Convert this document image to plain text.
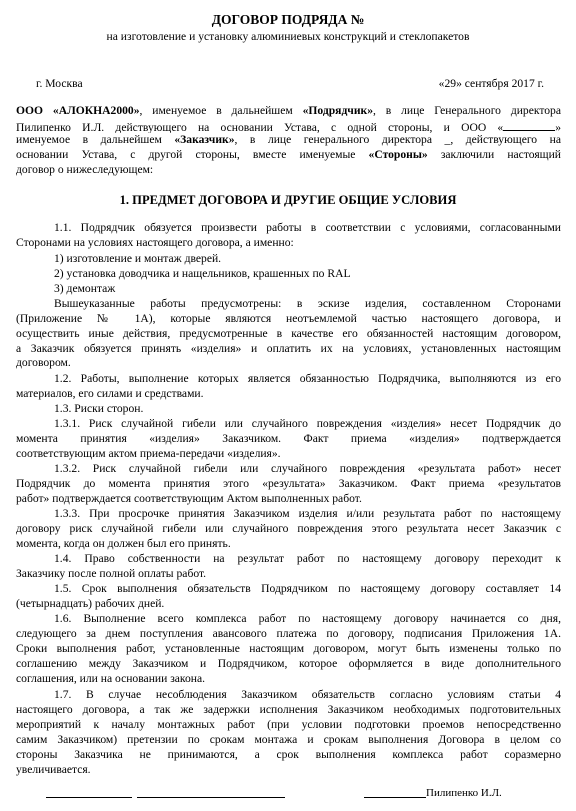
ДОГОВОР ПОДРЯДА №

на изготовление и установку алюминиевых конструкций и стеклопакетов

г. Москва	«29» сентября 2017 г.

ООО «АЛОКНА2000», именуемое в дальнейшем «Подрядчик», в лице Генерального директора

Пилипенко И.Л. действующего на основании Устава, с одной стороны, и ООО «	»

именуемое в дальнейшем «Заказчик», в лице генерального директора _, действующего на

основании Устава, с другой стороны, вместе именуемые «Стороны» заключили настоящий

договор о нижеследующем:

1. ПРЕДМЕТ ДОГОВОРА И ДРУГИЕ ОБЩИЕ УСЛОВИЯ

1.1. Подрядчик обязуется произвести работы в соответствии с условиями, согласованными

Сторонами на условиях настоящего договора, а именно:

1) изготовление и монтаж дверей.

2) установка доводчика и нащельников, крашенных по RAL

3) демонтаж

Вышеуказанные работы предусмотрены: в эскизе изделия, составленном Сторонами

(Приложение № 1А), которые являются неотъемлемой частью настоящего договора, и

осуществить иные действия, предусмотренные в качестве его обязанностей настоящим договором,

а Заказчик обязуется принять «изделия» и оплатить их на условиях, установленных настоящим

договором.

1.2. Работы, выполнение которых является обязанностью Подрядчика, выполняются из его

материалов, его силами и средствами.

1.3. Риски сторон.

1.3.1. Риск случайной гибели или случайного повреждения «изделия» несет Подрядчик до

момента принятия «изделия» Заказчиком. Факт приема «изделия» подтверждается

соответствующим актом приема-передачи «изделия».

1.3.2. Риск случайной гибели или случайного повреждения «результата работ» несет

Подрядчик до момента принятия этого «результата» Заказчиком. Факт приема «результатов

работ» подтверждается соответствующим Актом выполненных работ.

1.3.3. При просрочке принятия Заказчиком изделия и/или результата работ по настоящему

договору риск случайной гибели или случайного повреждения этого результата несет Заказчик с

момента, когда он должен был его принять.

1.4. Право собственности на результат работ по настоящему договору переходит к

Заказчику после полной оплаты работ.

1.5. Срок выполнения обязательств Подрядчиком по настоящему договору составляет 14

(четырнадцать) рабочих дней.

1.6. Выполнение всего комплекса работ по настоящему договору начинается со дня,

следующего за днем поступления авансового платежа по договору, подписания Приложения 1А.

Сроки выполнения работ, установленные настоящим договором, могут быть изменены только по

соглашению между Заказчиком и Подрядчиком, которое оформляется в виде дополнительного

соглашения, или на основании закона.

1.7. В случае несоблюдения Заказчиком обязательств согласно условиям статьи 4

настоящего договора, а так же задержки исполнения Заказчиком необходимых подготовительных

мероприятий к началу монтажных работ (при условии подготовки проемов непосредственно

самим Заказчиком) претензии по срокам монтажа и срокам выполнения Договора в целом со

стороны Заказчика не принимаются, а срок выполнения комплекса работ соразмерно

увеличивается.

Пилипенко И.Л.
